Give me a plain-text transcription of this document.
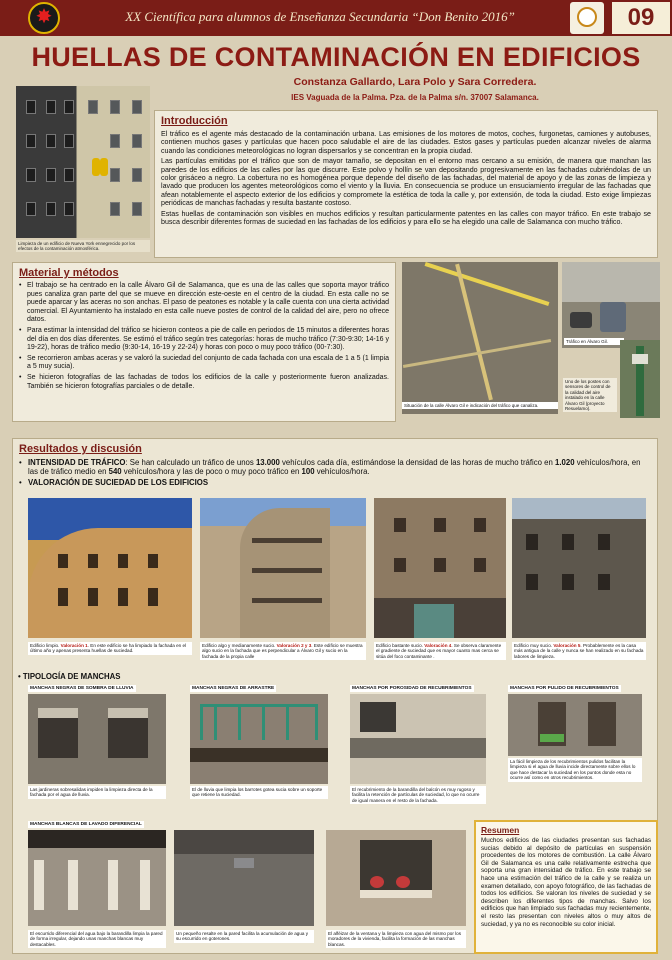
✸	XX Científica para alumnos de Enseñanza Secundaria “Don Benito 2016”	09
HUELLAS DE CONTAMINACIÓN EN EDIFICIOS
Constanza Gallardo, Lara Polo y Sara Corredera.
IES Vaguada de la Palma. Pza. de la Palma s/n. 37007 Salamanca.
Limpieza de un edificio de Nueva York ennegrecido por los efectos de la contaminación atmosférica.
Introducción

El tráfico es el agente más destacado de la contaminación urbana. Las emisiones de los motores de motos, coches, furgonetas, camiones y autobuses, contienen muchos gases y partículas que hacen poco saludable el aire de las ciudades. Estos gases y partículas pueden alcanzar niveles de alarma cuando las condiciones meteorológicas no logran dispersarlos y se concentran en la propia ciudad.

Las partículas emitidas por el tráfico que son de mayor tamaño, se depositan en el entorno mas cercano a su emisión, de manera que manchan las paredes de los edificios de las calles por las que discurre. Este polvo y hollín se van depositando progresivamente en las fachadas cubriéndolas de un color grisáceo a negro. La cobertura no es homogénea porque depende del diseño de las fachadas, del material de apoyo y de las zonas de limpieza y lavado que producen los agentes meteorológicos como el viento y la lluvia. En consecuencia se produce un ensuciamiento irregular de las fachadas que afean notablemente el aspecto exterior de los edificios y compromete la estética de toda la calle y, por extensión, de toda la ciudad. Esto exige limpiezas periódicas de manchas fachadas y resulta bastante costoso.

Estas huellas de contaminación son visibles en muchos edificios y resultan particularmente patentes en las calles con mayor tráfico. En este trabajo se busca describir diferentes formas de suciedad en las fachadas de los edificios y para ello se ha elegido una calle de Salamanca con mucho tráfico.

Material y métodos
• El trabajo se ha centrado en la calle Álvaro Gil de Salamanca, que es una de las calles que soporta mayor tráfico pues canaliza gran parte del que se mueve en dirección este-oeste en el centro de la ciudad. En esta calle no se puede aparcar y las aceras no son anchas. El paso de peatones es notable y la calle cuenta con una cierta actividad comercial. El Ayuntamiento ha instalado en esta calle nueve postes de control de la calidad del aire, pero no ofrece datos.
• Para estimar la intensidad del tráfico se hicieron conteos a pie de calle en periodos de 15 minutos a diferentes horas del día en dos días diferentes. Se estimó el tráfico según tres categorías: horas de mucho tráfico (7:30-9:30; 14-16 y 19-22), horas de tráfico medio (9:30-14, 16-19 y 22-24) y horas con poco o muy poco tráfico (00-7:30).
• Se recorrieron ambas aceras y se valoró la suciedad del conjunto de cada fachada con una escala de 1 a 5 (1 limpia a 5 muy sucia).
• Se hicieron fotografías de las fachadas de todos los edificios de la calle y posteriormente fueron analizadas. También se hicieron fotografías parciales o de detalle.
Situación de la calle Álvaro Gil e indicación del tráfico que canaliza.
Tráfico en Álvaro Gil.
Uno de los postes con sensores de control de la calidad del aire instalado en la calle Álvaro Gil (proyecto Resuelamo).
Resultados y discusión
• INTENSIDAD DE TRÁFICO: Se han calculado un tráfico de unos 13.000 vehículos cada día, estimándose la densidad de las horas de mucho tráfico en 1.020 vehículos/hora, en las de tráfico medio en 540 vehículos/hora y las de poco o muy poco tráfico en 100 vehículos/hora.
• VALORACIÓN DE SUCIEDAD DE LOS EDIFICIOS
Edificio limpio. Valoración 1. En este edificio se ha limpiado la fachada en el último año y apenas presenta huellas de suciedad.
Edificio algo y medianamente sucio. Valoración 2 y 3. Este edificio se muestra algo sucio en la fachada que es perpendicular a Álvaro Gil y sucio en la fachada de la propia calle
Edificio bastante sucio. Valoración 4. Se observa claramente el gradiente de suciedad que es mayor cuanto mas cerca se sitúa del foco contaminante .
Edificio muy sucio. Valoración 5. Probablemente es la casa más antigua de la calle y nunca se han realizado en su fachada labores de limpieza.
• TIPOLOGÍA DE MANCHAS
MANCHAS NEGRAS DE SOMBRA DE LLUVIA
Las jardineras sobresalidas impiden la limpieza directa de la fachada por el agua de lluvia.
MANCHAS NEGRAS DE ARRASTRE
El de lluvia que limpia los barrotes gotea sucia sobre un soporte que retiene la suciedad.
MANCHAS POR POROSIDAD DE RECUBRIMIENTOS
El recubrimiento de la barandilla del balcón es muy rugoso y facilita la retención de partículas de suciedad, lo que no ocurre de igual manera en el resto de la fachada.
MANCHAS POR PULIDO DE RECUBRIMIENTOS
La fácil limpieza de los recubrimientos pulidos facilitan la limpieza si el agua de lluvia incide directamente sobre ellos lo que hace destacar la suciedad en los puntos donde esta no ocurre así como en otros recubrimientos.
MANCHAS BLANCAS DE LAVADO DIFERENCIAL
El escurrido diferencial del agua bajo la barandilla limpia la pared de forma irregular, dejando unas manchas blancas muy destacables.
Un pequeño resalte en la pared facilita la acumulación de agua y su escurrido en goterones.
El alféizar de la ventana y la limpieza con agua del mismo por los moradores de la vivienda, facilita la formación de las manchas blancas.
Resumen

Muchos edificios de las ciudades presentan sus fachadas sucias debido al depósito de partículas en suspensión procedentes de los motores de combustión. La calle Álvaro Gil de Salamanca es una calle relativamente estrecha que soporta una gran intensidad de tráfico. En este trabajo se hace una estimación del tráfico de la calle y se realiza un examen detallado, con apoyo fotográfico, de las fachadas de todos los edificios. Se valoran los niveles de suciedad y se describen los diferentes tipos de manchas. Salvo los edificios que han limpiado sus fachadas muy recientemente, el resto las presentan con niveles altos o muy altos de suciedad, y ya no es reconocible su color inicial.
